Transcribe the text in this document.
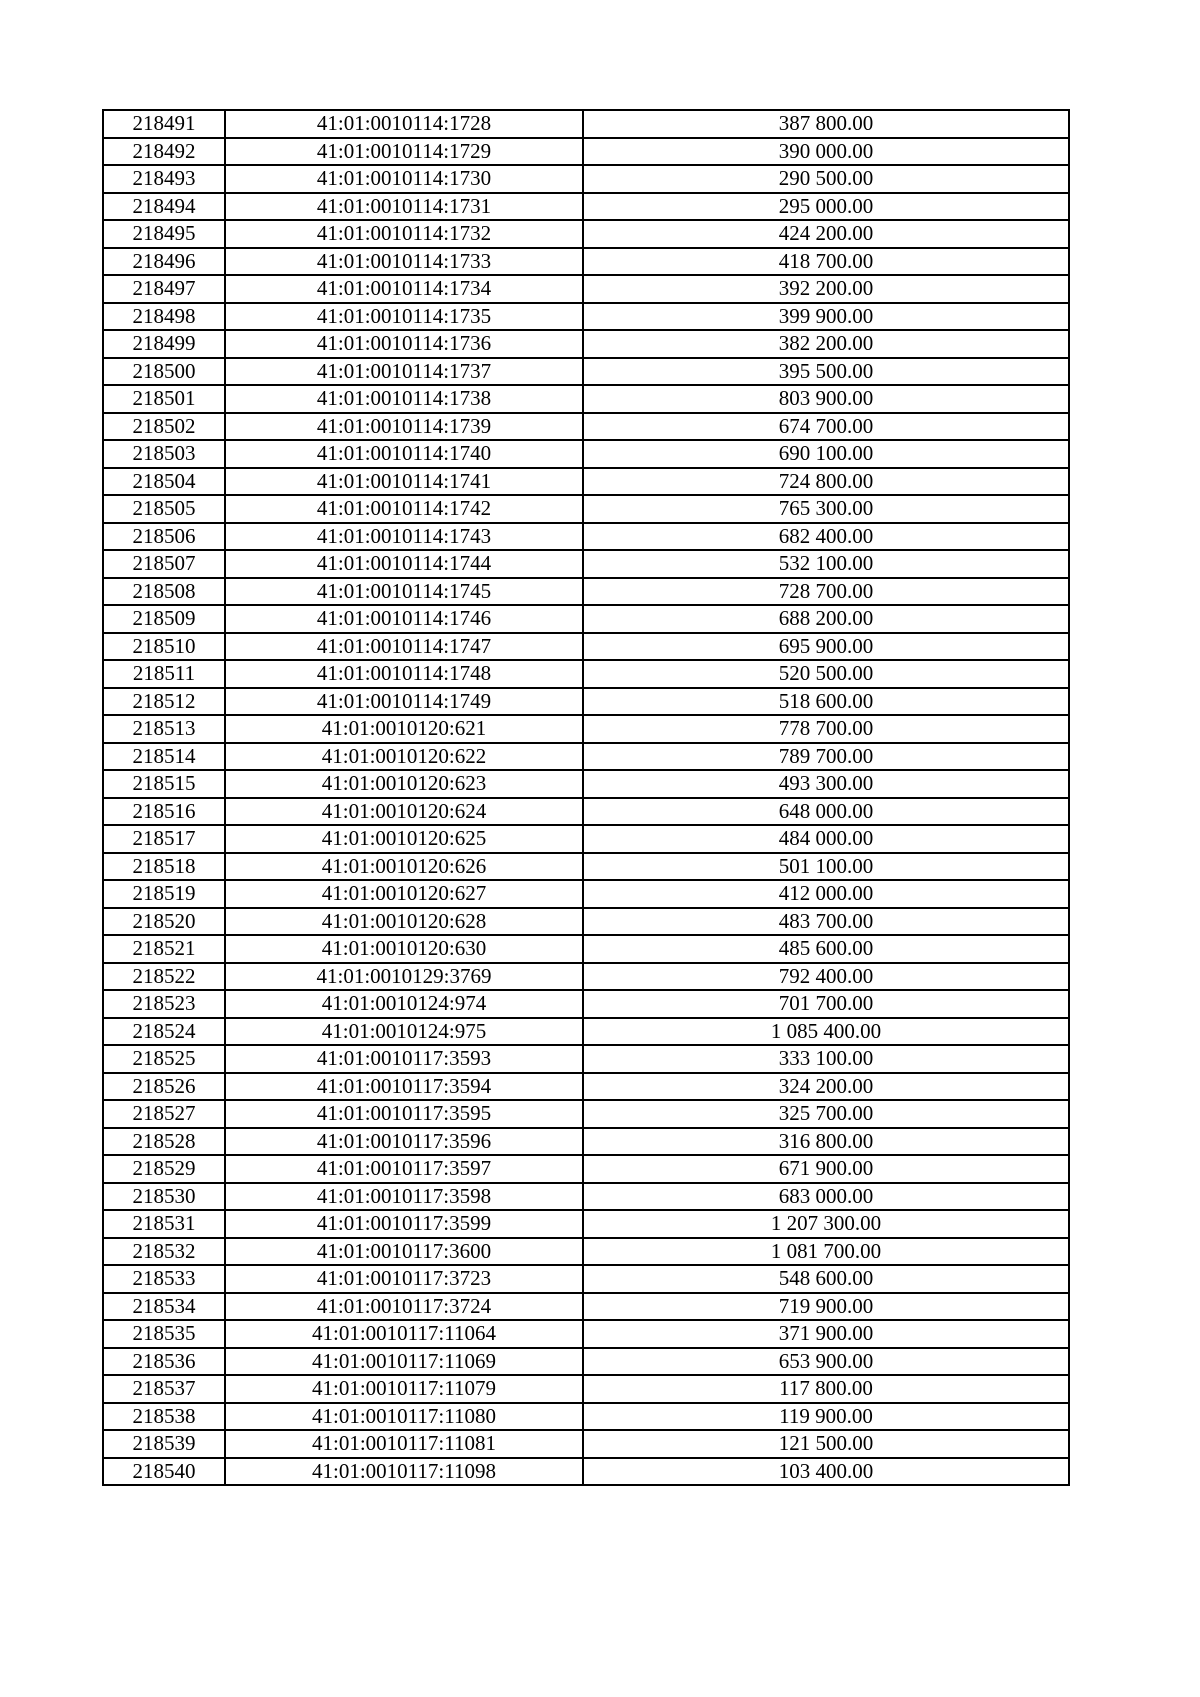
218491	41:01:0010114:1728	387 800.00
218492	41:01:0010114:1729	390 000.00
218493	41:01:0010114:1730	290 500.00
218494	41:01:0010114:1731	295 000.00
218495	41:01:0010114:1732	424 200.00
218496	41:01:0010114:1733	418 700.00
218497	41:01:0010114:1734	392 200.00
218498	41:01:0010114:1735	399 900.00
218499	41:01:0010114:1736	382 200.00
218500	41:01:0010114:1737	395 500.00
218501	41:01:0010114:1738	803 900.00
218502	41:01:0010114:1739	674 700.00
218503	41:01:0010114:1740	690 100.00
218504	41:01:0010114:1741	724 800.00
218505	41:01:0010114:1742	765 300.00
218506	41:01:0010114:1743	682 400.00
218507	41:01:0010114:1744	532 100.00
218508	41:01:0010114:1745	728 700.00
218509	41:01:0010114:1746	688 200.00
218510	41:01:0010114:1747	695 900.00
218511	41:01:0010114:1748	520 500.00
218512	41:01:0010114:1749	518 600.00
218513	41:01:0010120:621	778 700.00
218514	41:01:0010120:622	789 700.00
218515	41:01:0010120:623	493 300.00
218516	41:01:0010120:624	648 000.00
218517	41:01:0010120:625	484 000.00
218518	41:01:0010120:626	501 100.00
218519	41:01:0010120:627	412 000.00
218520	41:01:0010120:628	483 700.00
218521	41:01:0010120:630	485 600.00
218522	41:01:0010129:3769	792 400.00
218523	41:01:0010124:974	701 700.00
218524	41:01:0010124:975	1 085 400.00
218525	41:01:0010117:3593	333 100.00
218526	41:01:0010117:3594	324 200.00
218527	41:01:0010117:3595	325 700.00
218528	41:01:0010117:3596	316 800.00
218529	41:01:0010117:3597	671 900.00
218530	41:01:0010117:3598	683 000.00
218531	41:01:0010117:3599	1 207 300.00
218532	41:01:0010117:3600	1 081 700.00
218533	41:01:0010117:3723	548 600.00
218534	41:01:0010117:3724	719 900.00
218535	41:01:0010117:11064	371 900.00
218536	41:01:0010117:11069	653 900.00
218537	41:01:0010117:11079	117 800.00
218538	41:01:0010117:11080	119 900.00
218539	41:01:0010117:11081	121 500.00
218540	41:01:0010117:11098	103 400.00
